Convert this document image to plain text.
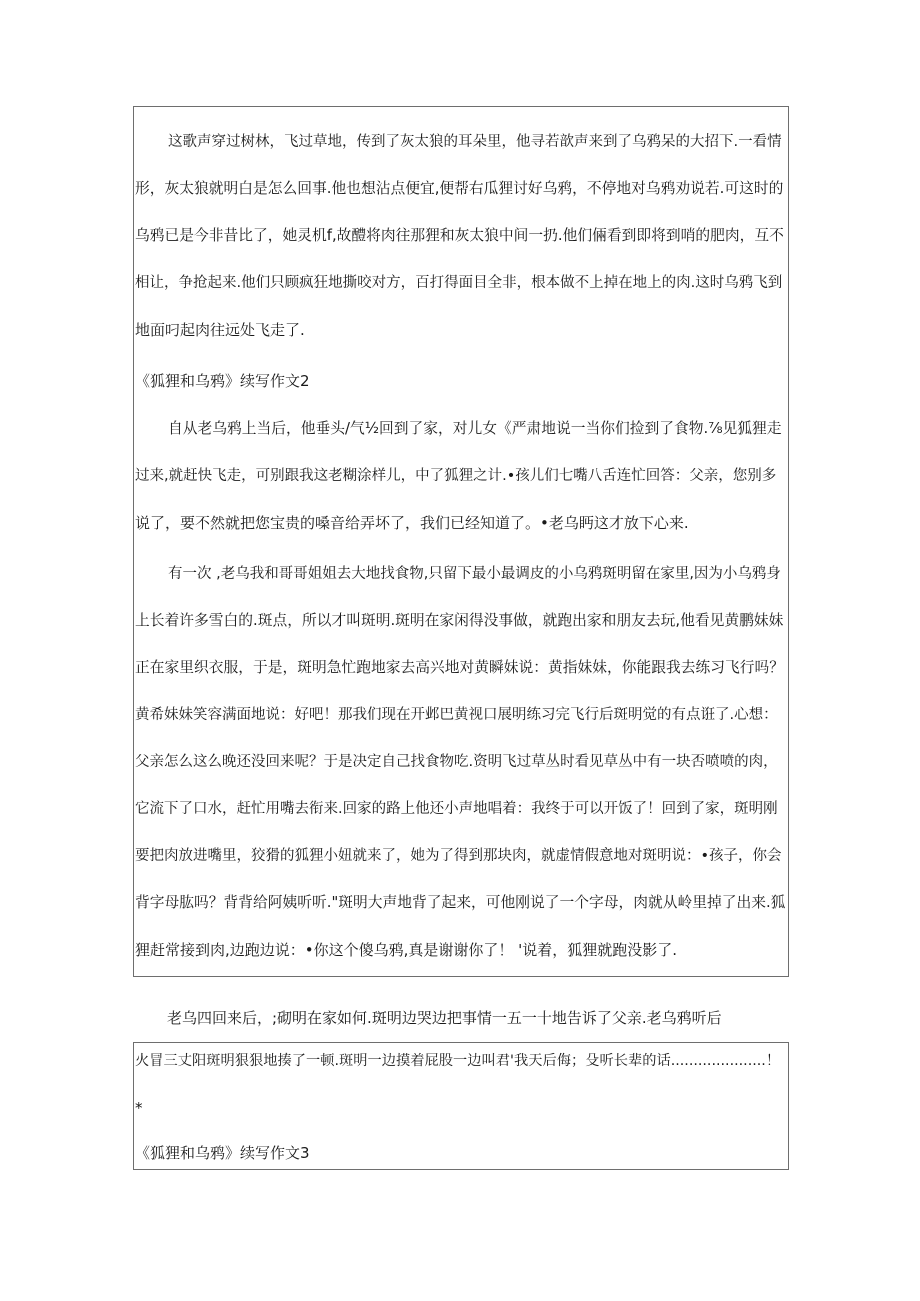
这歌声穿过树林，飞过草地，传到了灰太狼的耳朵里，他寻若歆声来到了乌鸦呆的大招下.一看情
形，灰太狼就明白是怎么回事.他也想沾点便宜,便帮右瓜狸讨好乌鸦，不停地对乌鸦劝说若.可这时的
乌鸦已是今非昔比了，她灵机f,故醴将肉往那狸和灰太狼中间一扔.他们倆看到即将到哨的肥肉，互不
相让，争抢起来.他们只顾疯狂地撕咬对方，百打得面目全非，根本做不上掉在地上的肉.这时乌鸦飞到
地面叼起肉往远处飞走了.
《狐狸和乌鸦》续写作文2
自从老乌鸦上当后，他垂头/气½回到了家，对儿女《严肃地说一当你们捡到了食物.⅞见狐狸走
过来,就赶快飞走，可别跟我这老糊涂样儿，中了狐狸之计.•孩儿们七嘴八舌连忙回答：父亲，您别多
说了，要不然就把您宝贵的嗓音给弄坏了，我们已经知道了。•老乌眄这才放下心来.
有一次 ,老乌我和哥哥姐姐去大地找食物,只留下最小最调皮的小乌鸦斑明留在家里,因为小乌鸦身
上长着许多雪白的.斑点，所以才叫斑明.斑明在家闲得没事做，就跑出家和朋友去玩,他看见黄鹏妹妹
正在家里织衣服，于是，斑明急忙跑地家去高兴地对黄瞬妹说：黄指妹妹，你能跟我去练习飞行吗？
黄希妹妹笑容满面地说：好吧！那我们现在开邺巴黄视口展明练习完飞行后斑明觉的有点诳了.心想：
父亲怎么这么晚还没回来呢？于是决定自己找食物吃.资明飞过草丛时看见草丛中有一块否喷喷的肉，
它流下了口水，赶忙用嘴去衔来.回家的路上他还小声地唱着：我终于可以开饭了！回到了家，斑明刚
要把肉放进嘴里，狡猾的狐狸小妞就来了，她为了得到那块肉，就虚情假意地对斑明说：•孩子，你会
背字母肱吗？背背给阿姨听听."斑明大声地背了起来，可他刚说了一个字母，肉就从岭里掉了出来.狐
狸赶常接到肉,边跑边说：•你这个傻乌鸦,真是谢谢你了！ '说着，狐狸就跑没影了.
老乌四回来后，;砌明在家如何.斑明边哭边把事情一五一十地告诉了父亲.老乌鸦听后
火冒三丈阳斑明狠狠地揍了一顿.斑明一边摸着屁股一边叫君'我天后侮；殳听长辈的话.....................！
*
《狐狸和乌鸦》续写作文3
